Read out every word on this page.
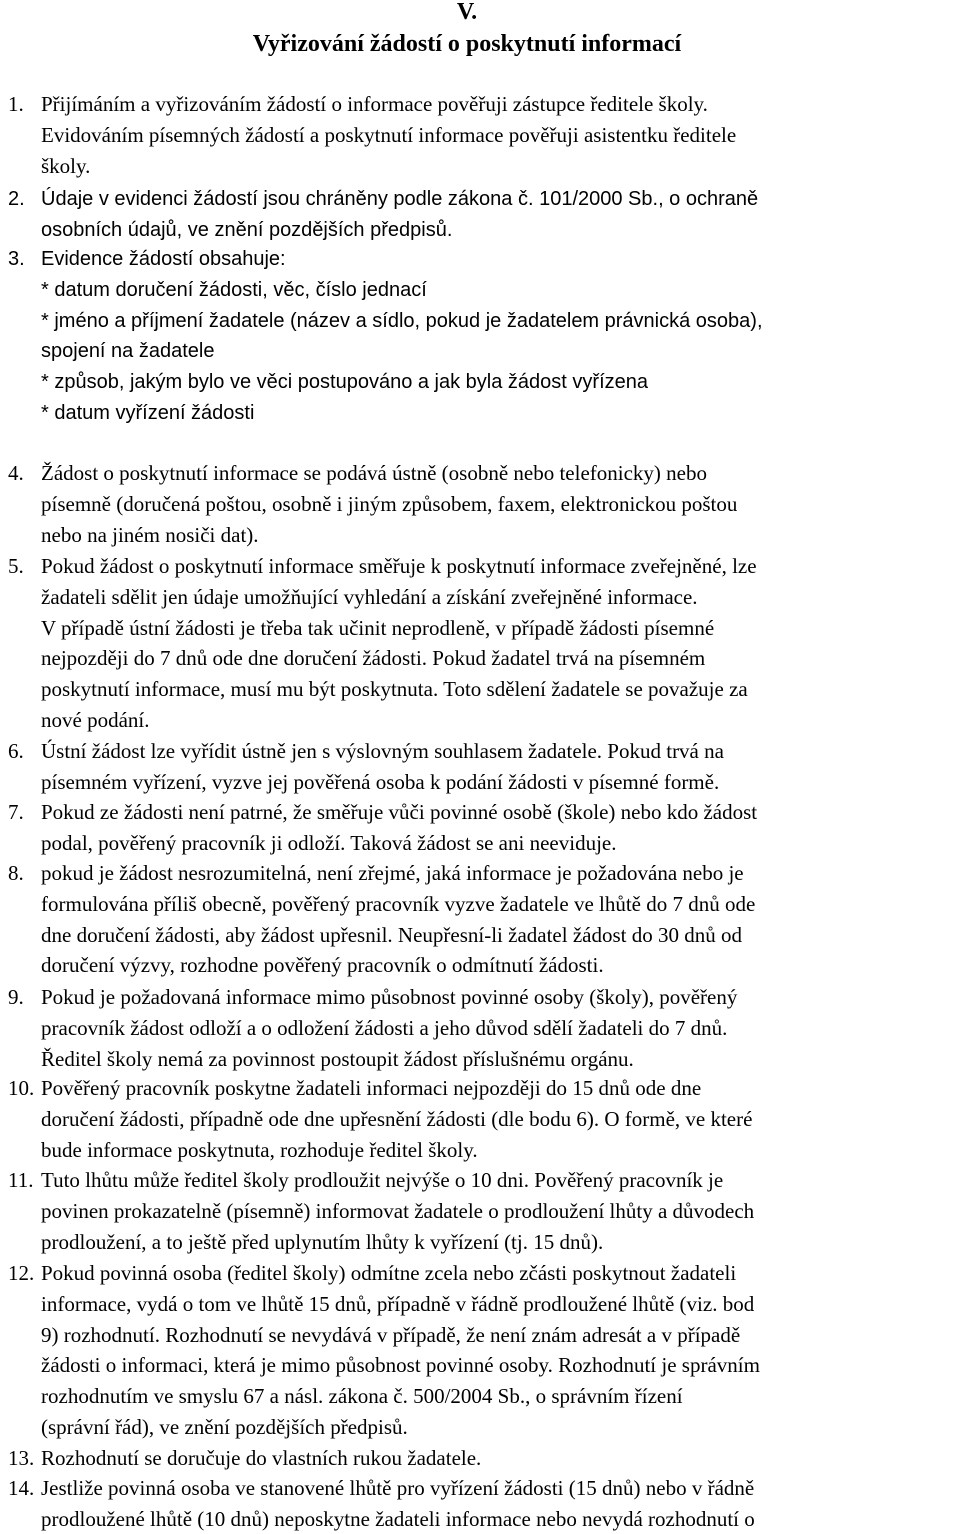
V.
Vyřizování žádostí o poskytnutí informací
1. Přijímáním a vyřizováním žádostí o informace pověřuji zástupce ředitele školy.
Evidováním písemných žádostí a poskytnutí informace pověřuji asistentku ředitele
školy.
2. Údaje v evidenci žádostí jsou chráněny podle zákona č. 101/2000 Sb., o ochraně
osobních údajů, ve znění pozdějších předpisů.
3. Evidence žádostí obsahuje:
* datum doručení žádosti, věc, číslo jednací
* jméno a příjmení žadatele (název a sídlo, pokud je žadatelem právnická osoba),
spojení na žadatele
* způsob, jakým bylo ve věci postupováno a jak byla žádost vyřízena
* datum vyřízení žádosti
4. Žádost o poskytnutí informace se podává ústně (osobně nebo telefonicky) nebo
písemně (doručená poštou, osobně i jiným způsobem, faxem, elektronickou poštou
nebo na jiném nosiči dat).
5. Pokud žádost o poskytnutí informace směřuje k poskytnutí informace zveřejněné, lze
žadateli sdělit jen údaje umožňující vyhledání a získání zveřejněné informace.
V případě ústní žádosti je třeba tak učinit neprodleně, v případě žádosti písemné
nejpozději do 7 dnů ode dne doručení žádosti. Pokud žadatel trvá na písemném
poskytnutí informace, musí mu být poskytnuta. Toto sdělení žadatele se považuje za
nové podání.
6. Ústní žádost lze vyřídit ústně jen s výslovným souhlasem žadatele. Pokud trvá na
písemném vyřízení, vyzve jej pověřená osoba k podání žádosti v písemné formě.
7. Pokud ze žádosti není patrné, že směřuje vůči povinné osobě (škole) nebo kdo žádost
podal, pověřený pracovník ji odloží. Taková žádost se ani neeviduje.
8. pokud je žádost nesrozumitelná, není zřejmé, jaká informace je požadována nebo je
formulována příliš obecně, pověřený pracovník vyzve žadatele ve lhůtě do 7 dnů ode
dne doručení žádosti, aby žádost upřesnil. Neupřesní-li žadatel žádost do 30 dnů od
doručení výzvy, rozhodne pověřený pracovník o odmítnutí žádosti.
9. Pokud je požadovaná informace mimo působnost povinné osoby (školy), pověřený
pracovník žádost odloží a o odložení žádosti a jeho důvod sdělí žadateli do 7 dnů.
Ředitel školy nemá za povinnost postoupit žádost příslušnému orgánu.
10. Pověřený pracovník poskytne žadateli informaci nejpozději do 15 dnů ode dne
doručení žádosti, případně ode dne upřesnění žádosti (dle bodu 6). O formě, ve které
bude informace poskytnuta, rozhoduje ředitel školy.
11. Tuto lhůtu může ředitel školy prodloužit nejvýše o 10 dni. Pověřený pracovník je
povinen prokazatelně (písemně) informovat žadatele o prodloužení lhůty a důvodech
prodloužení, a to ještě před uplynutím lhůty k vyřízení (tj. 15 dnů).
12. Pokud povinná osoba (ředitel školy) odmítne zcela nebo zčásti poskytnout žadateli
informace, vydá o tom ve lhůtě 15 dnů, případně v řádně prodloužené lhůtě (viz. bod
9) rozhodnutí. Rozhodnutí se nevydává v případě, že není znám adresát a v případě
žádosti o informaci, která je mimo působnost povinné osoby. Rozhodnutí je správním
rozhodnutím ve smyslu 67 a násl. zákona č. 500/2004 Sb., o správním řízení
(správní řád), ve znění pozdějších předpisů.
13. Rozhodnutí se doručuje do vlastních rukou žadatele.
14. Jestliže povinná osoba ve stanovené lhůtě pro vyřízení žádosti (15 dnů) nebo v řádně
prodloužené lhůtě (10 dnů) neposkytne žadateli informace nebo nevydá rozhodnutí o
